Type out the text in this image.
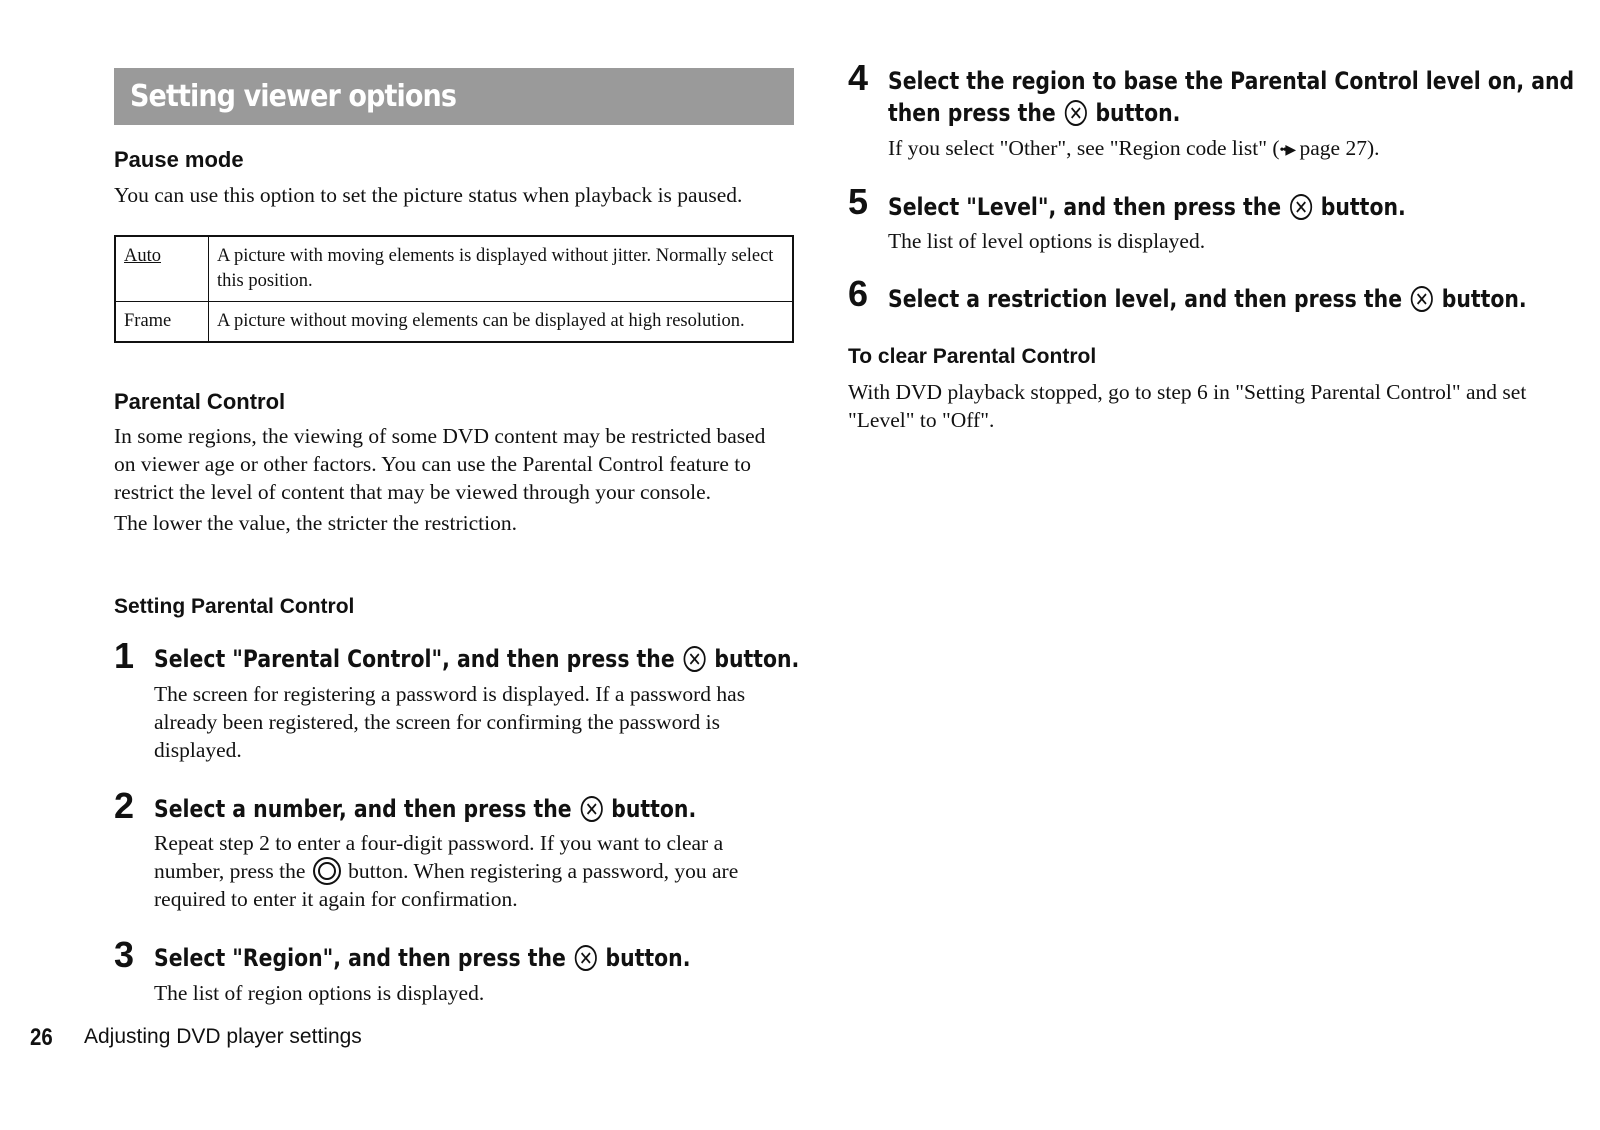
Setting viewer options
Pause mode
You can use this option to set the picture status when playback is paused.
Auto	A picture with moving elements is displayed without jitter. Normally select this position.
Frame	A picture without moving elements can be displayed at high resolution.
Parental Control

In some regions, the viewing of some DVD content may be restricted based on viewer age or other factors. You can use the Parental Control feature to restrict the level of content that may be viewed through your console.

The lower the value, the stricter the restriction.

Setting Parental Control
1 Select "Parental Control", and then press the button.
The screen for registering a password is displayed. If a password has already been registered, the screen for confirming the password is displayed.
2 Select a number, and then press the button.
Repeat step 2 to enter a four-digit password. If you want to clear a number, press the button. When registering a password, you are required to enter it again for confirmation.
3 Select "Region", and then press the button.
The list of region options is displayed.
4 Select the region to base the Parental Control level on, and
then press the button.
If you select "Other", see "Region code list" (••▶ page 27).
5 Select "Level", and then press the button.
The list of level options is displayed.
6 Select a restriction level, and then press the button.
To clear Parental Control
With DVD playback stopped, go to step 6 in "Setting Parental Control" and set "Level" to "Off".
26 Adjusting DVD player settings
